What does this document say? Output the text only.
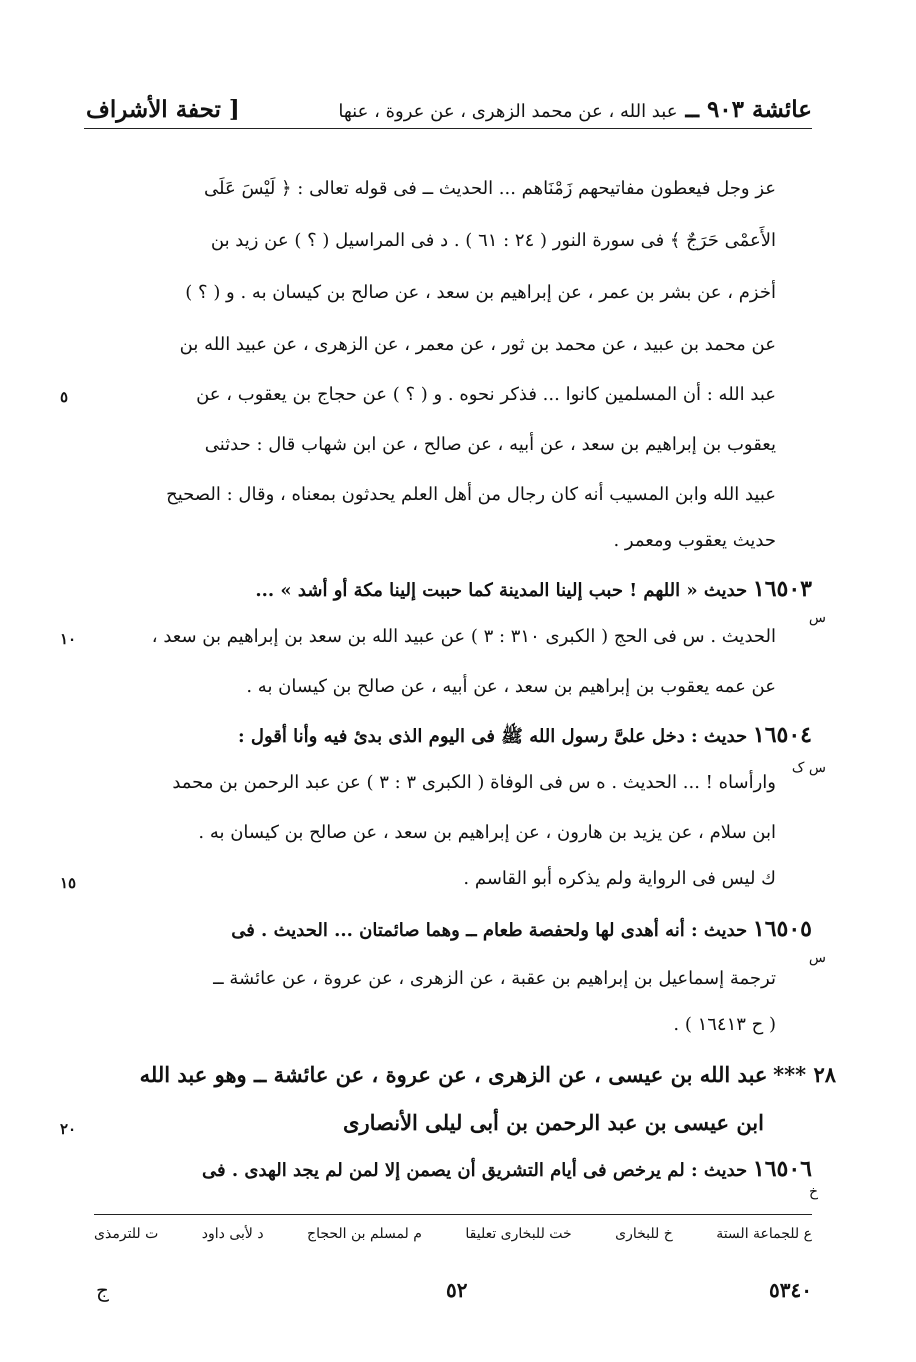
عائشة ٩٠٣ ــ عبد الله ، عن محمد الزهرى ، عن عروة ، عنها
[ تحفة الأشراف
عز وجل فيعطون مفاتيحهم زَمْنَاهم ... الحديث ــ فى قوله تعالى : ﴿ لَيْسَ عَلَى
الأَعمْى حَرَجٌ ﴾ فى سورة النور ( ٢٤ : ٦١ ) . د فى المراسيل ( ؟ ) عن زيد بن
أخزم ، عن بشر بن عمر ، عن إبراهيم بن سعد ، عن صالح بن كيسان به . و ( ؟ )
عن محمد بن عبيد ، عن محمد بن ثور ، عن معمر ، عن الزهرى ، عن عبيد الله بن
عبد الله : أن المسلمين كانوا ... فذكر نحوه . و ( ؟ ) عن حجاج بن يعقوب ، عن
يعقوب بن إبراهيم بن سعد ، عن أبيه ، عن صالح ، عن ابن شهاب قال : حدثنى
عبيد الله وابن المسيب أنه كان رجال من أهل العلم يحدثون بمعناه ، وقال : الصحيح
حديث يعقوب ومعمر .
١٦٥٠٣ حديث « اللهم ! حبب إلينا المدينة كما حببت إلينا مكة أو أشد » ...
س
الحديث . س فى الحج ( الكبرى ٣١٠ : ٣ ) عن عبيد الله بن سعد بن إبراهيم بن سعد ،
عن عمه يعقوب بن إبراهيم بن سعد ، عن أبيه ، عن صالح بن كيسان به .
١٦٥٠٤ حديث : دخل علىَّ رسول الله ﷺ فى اليوم الذى بدئ فيه وأنا أقول :
س ک
وارأساه ! ... الحديث . ‌ه س فى الوفاة ( الكبرى ٣ : ٣ ) عن عبد الرحمن بن محمد
ابن سلام ، عن يزيد بن هارون ، عن إبراهيم بن سعد ، عن صالح بن كيسان به .
ك ليس فى الرواية ولم يذكره أبو القاسم .
١٦٥٠٥ حديث : أنه أهدى لها ولحفصة طعام ــ وهما صائمتان ... الحديث . فى
س
ترجمة إسماعيل بن إبراهيم بن عقبة ، عن الزهرى ، عن عروة ، عن عائشة ــ
( ح ١٦٤١٣ ) .
٢٨ *** عبد الله بن عيسى ، عن الزهرى ، عن عروة ، عن عائشة ــ وهو عبد الله
ابن عيسى بن عبد الرحمن بن أبى ليلى الأنصارى
١٦٥٠٦ حديث : لم يرخص فى أيام التشريق أن يصمن إلا لمن لم يجد الهدى . فى
خ
٥
١٠
١٥
٢٠
ع للجماعة الستة
خ للبخارى
خت للبخارى تعليقا
م لمسلم بن الحجاج
د لأبى داود
ت للترمذى
٥٣٤٠
٥٢
ج
